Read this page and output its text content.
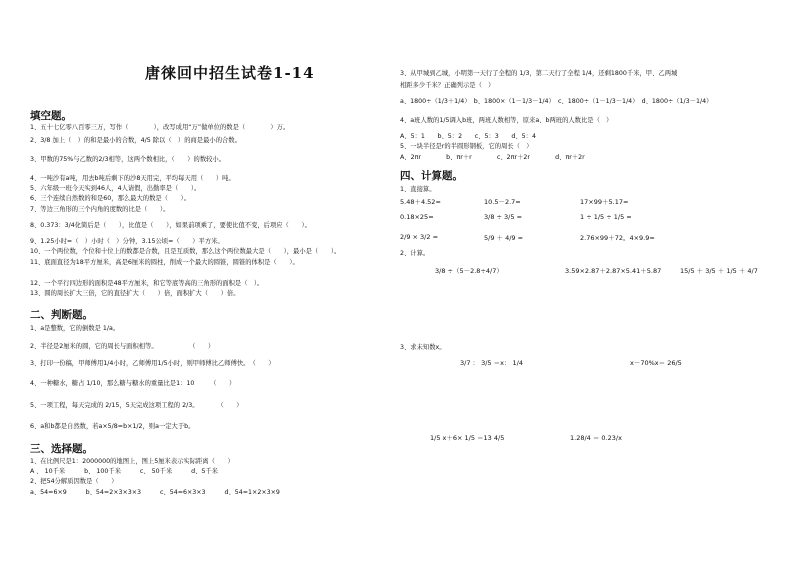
唐徕回中招生试卷1-14
填空题。
1、五十七亿零八百零三万，写作（　　　　），改写成用“万”做单位的数是（　　　　）万。
2、3/8 加上（　）的和是最小的合数，4/5 除以（　）的商是最小的合数。
3、甲数的75%与乙数的2/3相等，这两个数相比，（　　）的数较小。
4、一吨沙有a吨，用去b吨后剩下的沙8天用完，平均每天用（　　）吨。
5、六年级一班今天实到46人，4人请假，出勤率是（　　）。
6、三个连续自然数的和是60，那么最大的数是（　　）。
7、等边三角形的三个内角的度数的比是（　　）。
8、0.373：3/4化简后是（　　），比值是（　　），如果前项乘了，要使比值不变，后项应（　　）。
9、1.25小时=（　）小时（　）分钟，3.15公顷=（　　）平方米。
10、一个两位数，个位和十位上的数都是合数，且是互质数，那么这个两位数最大是（　　），最小是（　　）。
11、底面直径为18平方厘米，高是6厘米的圆柱，削成一个最大的圆锥，圆锥的体积是（　　）。
12、一个平行四边形的面积是48平方厘米，和它等底等高的三角形的面积是（　）。
13、圆的周长扩大三倍，它的直径扩大（　　）倍，面积扩大（　　）倍。
二、判断题。
1、a是整数，它的倒数是 1/a。
2、半径是2厘米的圆，它的周长与面积相等。　　　　　　（　　）
3、打印一份稿，甲师傅用1/4小时，乙师傅用1/5小时，则甲师傅比乙师傅快。　（　　）
4、一种糖水，糖占 1/10，那么糖与糖水的重量比是1：10　　　（　　）
5、一项工程，每天完成的 2/15，5天完成这项工程的 2/3。　　　　（　　）
6、a和b都是自然数，若a×5/8=b×1/2，则a一定大于b。
三、选择题。
1、在比例尺是1：2000000的地图上，图上5厘米表示实际距离（　　）
A 、 10千米　　　b、 100千米　　　c、 50千米　　　d、5千米
2、把54分解质因数是（　　）
a、54=6×9　　　b、54=2×3×3×3　　　c、54=6×3×3　　　d、54=1×2×3×9
3、从甲城到乙城，小明第一天行了全程的 1/3，第二天行了全程 1/4，还剩1800千米，甲、乙两城
相距多少千米？正确列示是（　）
a、1800÷（1/3＋1/4）　b、1800×（1－1/3－1/4）　c、1800÷（1－1/3－1/4）　d、1800÷（1/3－1/4）
4、a班人数的1/5调入b班，两班人数相等，原来a、b两班的人数比是（　）
A、5：1　　b、5：2　　c、5：3　　d、5：4
5、一块半径是r的半圆形钢板，它的周长（　）
A、2πr　　　　b、πr＋r　　　　c、2πr＋2r　　　　d、πr＋2r
四、计算题。
1、直接算。
5.48＋4.52=	10.5－2.7=	17×99＋5.17=
0.18×25=	3/8 ÷ 3/5 =	1 ÷ 1/5 ÷ 1/5 =
2/9 × 3/2 =	5/9 ＋ 4/9 =	2.76×99＋72。4×9.9=
2、计算。
3/8 ÷（5－2.8÷4/7）	3.59×2.87＋2.87×5.41＋5.87	15/5 ＋ 3/5 ＋ 1/5 ＋ 4/7
3、求未知数x。
3/7 ： 3/5 ＝x： 1/4	x－70%x＝ 26/5
1/5 x＋6× 1/5 ＝13 4/5	1.28/4 ＝ 0.23/x
